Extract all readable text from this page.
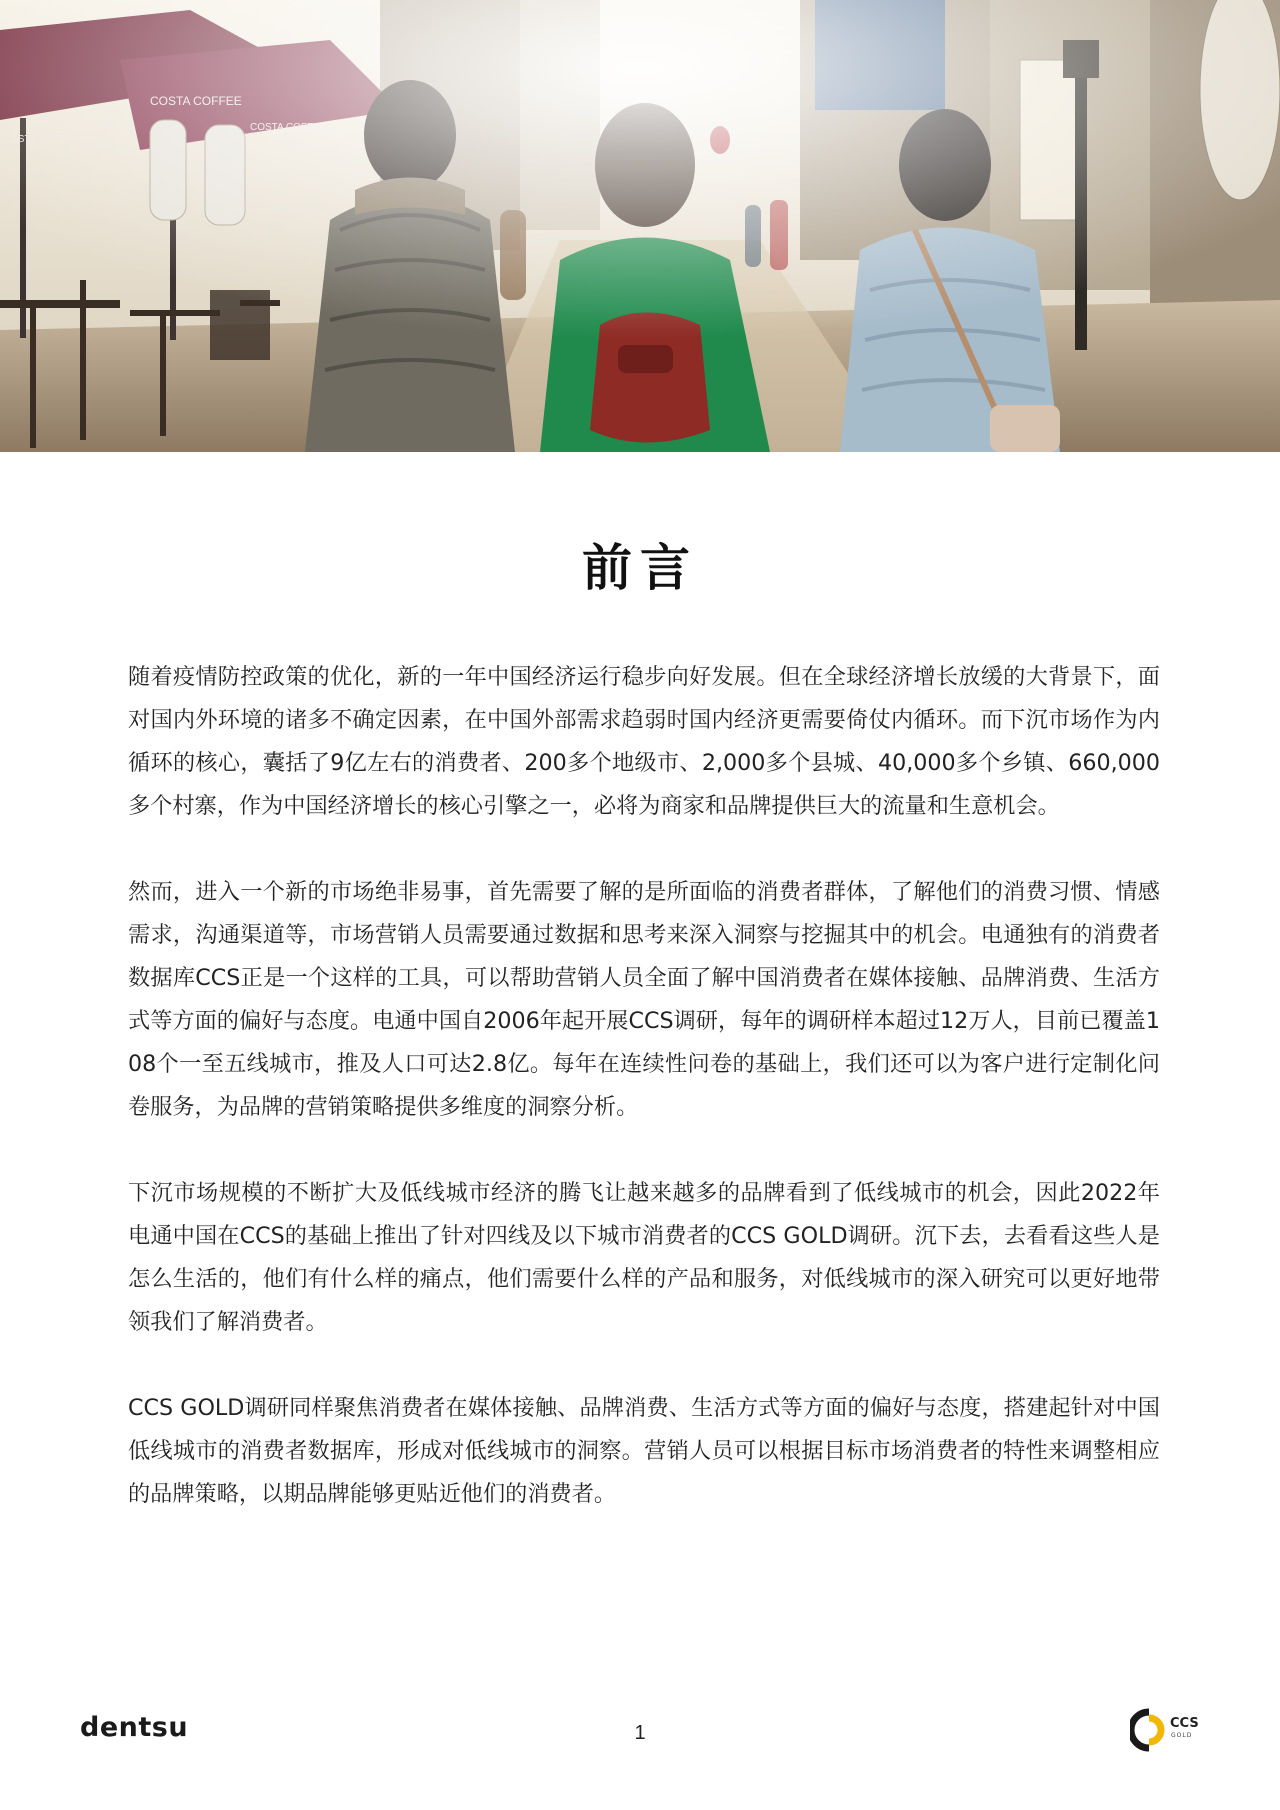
前言

随着疫情防控政策的优化，新的一年中国经济运行稳步向好发展。但在全球经济增长放缓的大背景下，面对国内外环境的诸多不确定因素，在中国外部需求趋弱时国内经济更需要倚仗内循环。而下沉市场作为内循环的核心，囊括了9亿左右的消费者、200多个地级市、2,000多个县城、40,000多个乡镇、660,000多个村寨，作为中国经济增长的核心引擎之一，必将为商家和品牌提供巨大的流量和生意机会。

然而，进入一个新的市场绝非易事，首先需要了解的是所面临的消费者群体，了解他们的消费习惯、情感需求，沟通渠道等，市场营销人员需要通过数据和思考来深入洞察与挖掘其中的机会。电通独有的消费者数据库CCS正是一个这样的工具，可以帮助营销人员全面了解中国消费者在媒体接触、品牌消费、生活方式等方面的偏好与态度。电通中国自2006年起开展CCS调研，每年的调研样本超过12万人，目前已覆盖108个一至五线城市，推及人口可达2.8亿。每年在连续性问卷的基础上，我们还可以为客户进行定制化问卷服务，为品牌的营销策略提供多维度的洞察分析。

下沉市场规模的不断扩大及低线城市经济的腾飞让越来越多的品牌看到了低线城市的机会，因此2022年电通中国在CCS的基础上推出了针对四线及以下城市消费者的CCS GOLD调研。沉下去，去看看这些人是怎么生活的，他们有什么样的痛点，他们需要什么样的产品和服务，对低线城市的深入研究可以更好地带领我们了解消费者。

CCS GOLD调研同样聚焦消费者在媒体接触、品牌消费、生活方式等方面的偏好与态度，搭建起针对中国低线城市的消费者数据库，形成对低线城市的洞察。营销人员可以根据目标市场消费者的特性来调整相应的品牌策略，以期品牌能够更贴近他们的消费者。

dentsu	1	CCS
GOLD
